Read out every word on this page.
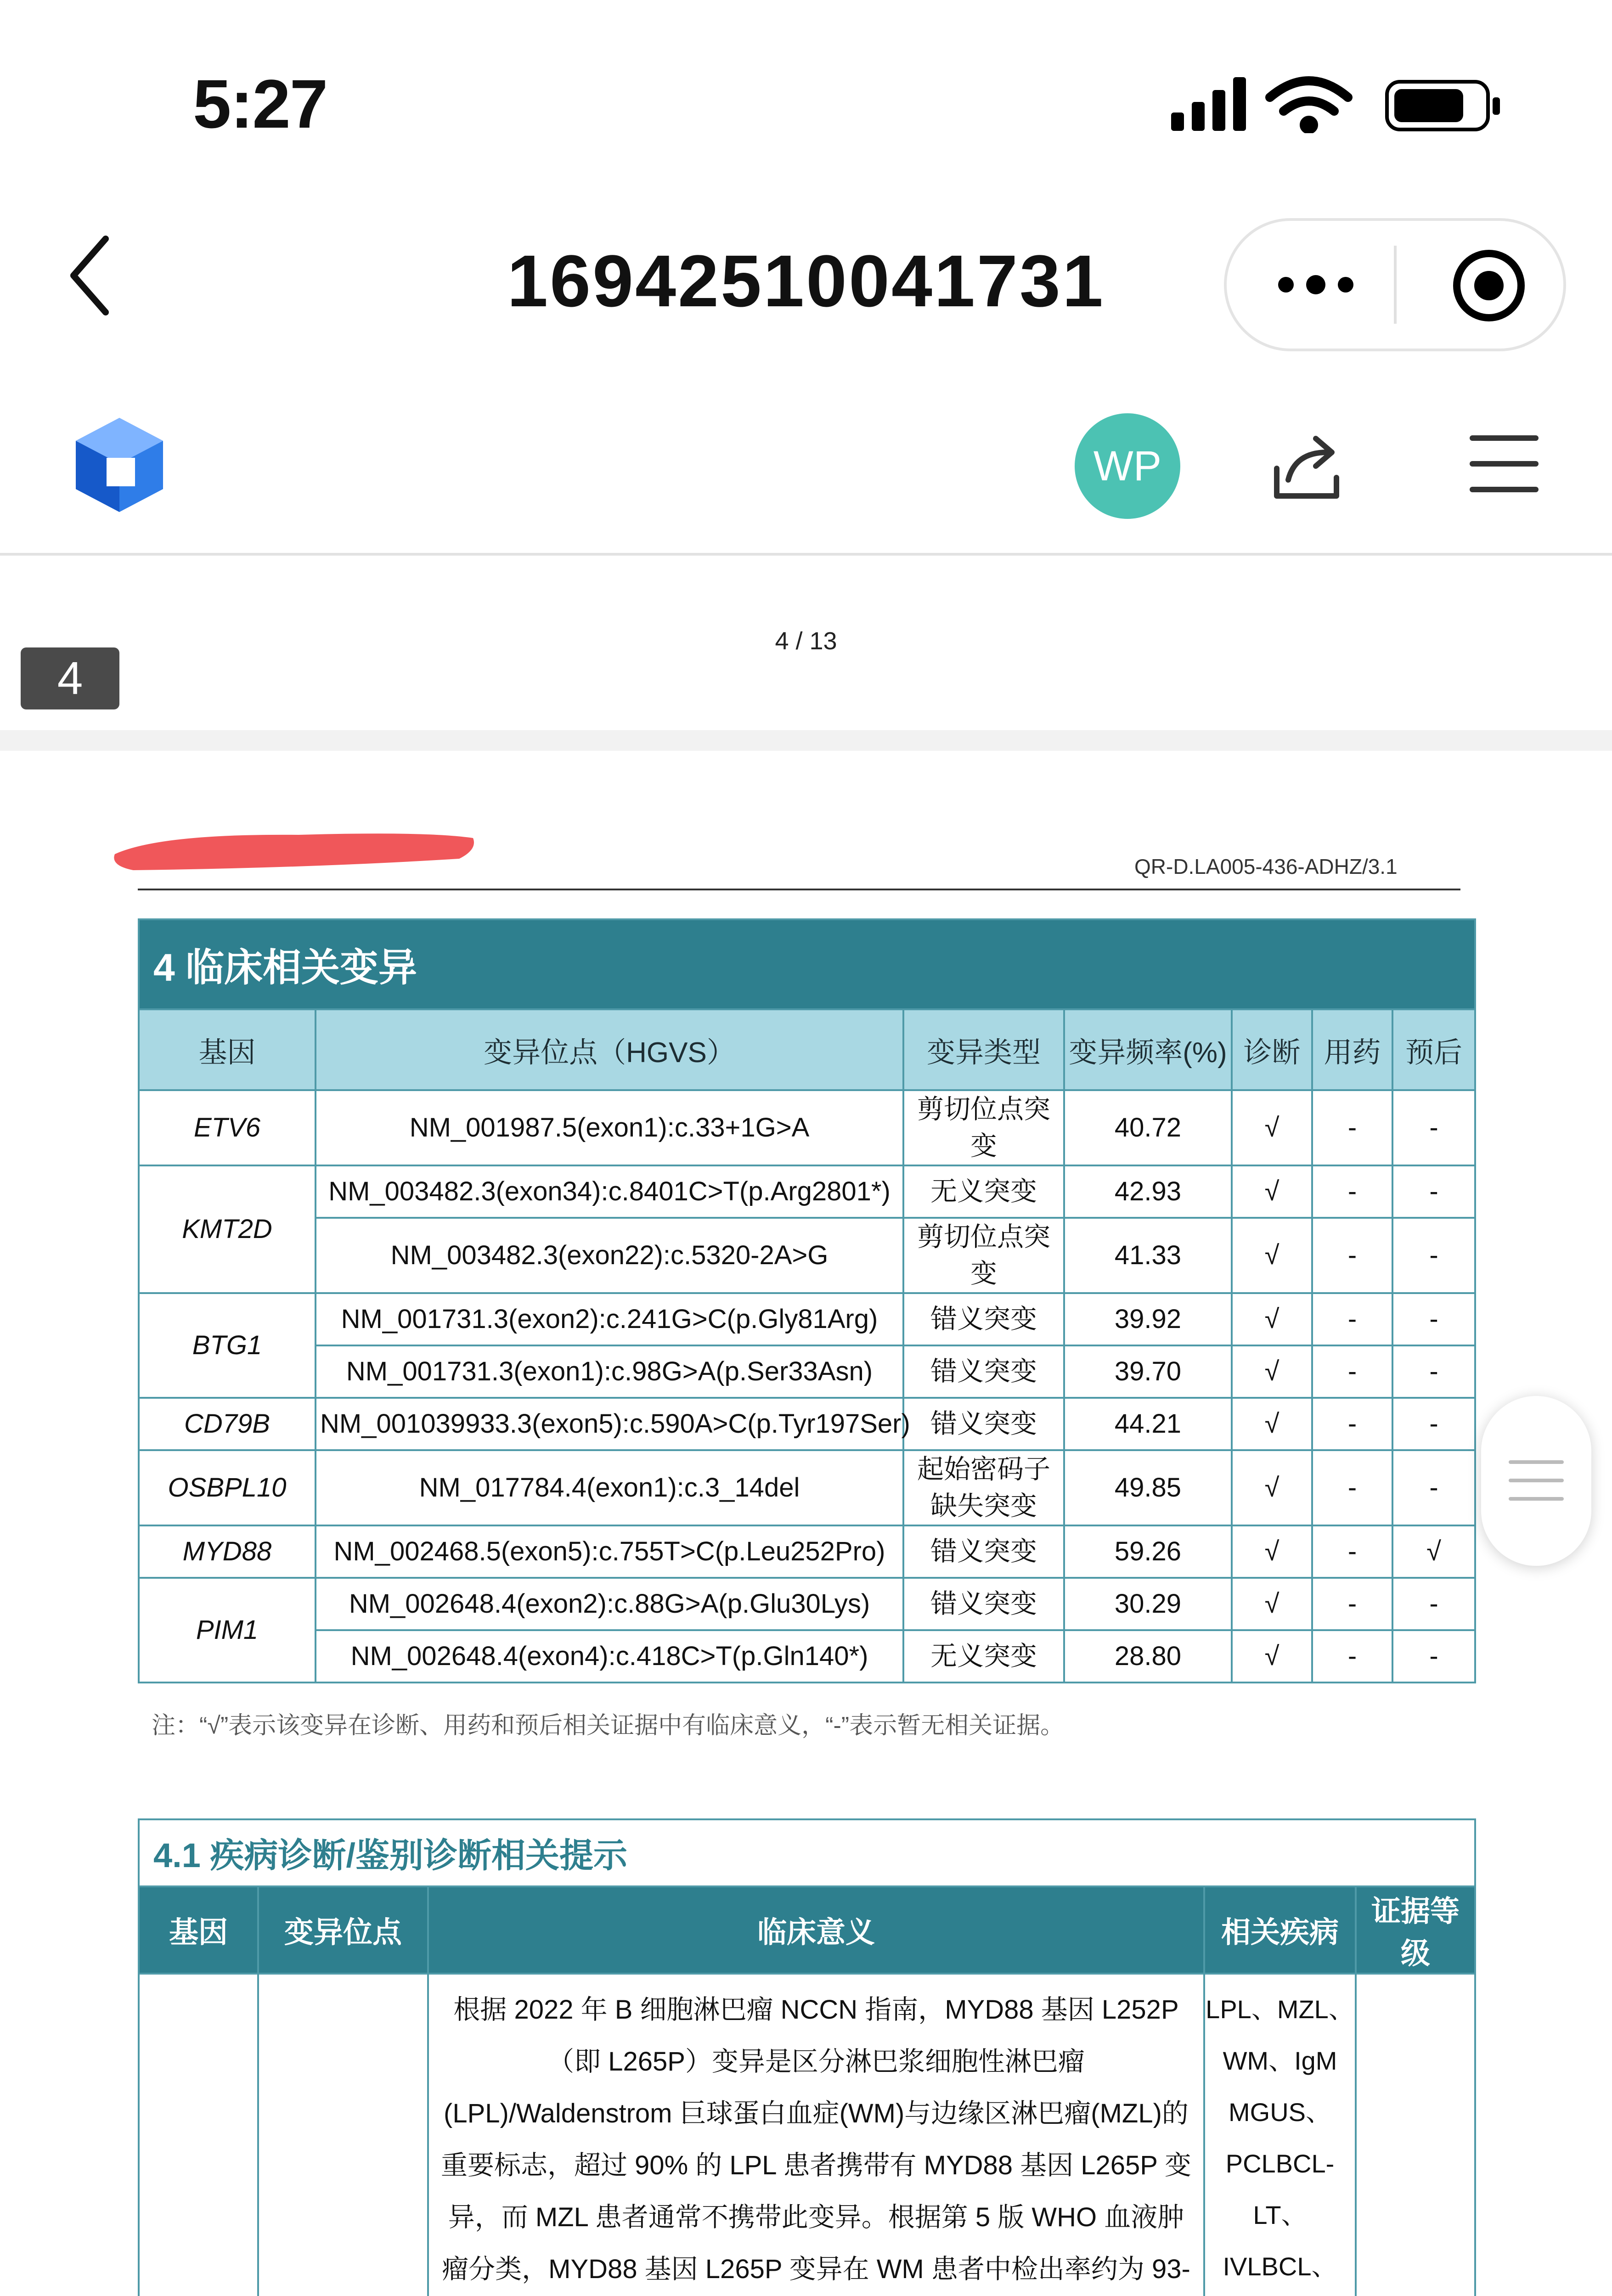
5:27
16942510041731
WP
4
4 / 13
QR-D.LA005-436-ADHZ/3.1
4 临床相关变异						
基因	变异位点（HGVS）	变异类型	变异频率(%)	诊断	用药	预后
ETV6	NM_001987.5(exon1):c.33+1G>A	剪切位点突变	40.72	√	-	-
KMT2D	NM_003482.3(exon34):c.8401C>T(p.Arg2801*)	无义突变	42.93	√	-	-
	NM_003482.3(exon22):c.5320-2A>G	剪切位点突变	41.33	√	-	-
BTG1	NM_001731.3(exon2):c.241G>C(p.Gly81Arg)	错义突变	39.92	√	-	-
	NM_001731.3(exon1):c.98G>A(p.Ser33Asn)	错义突变	39.70	√	-	-
CD79B	NM_001039933.3(exon5):c.590A>C(p.Tyr197Ser)	错义突变	44.21	√	-	-
OSBPL10	NM_017784.4(exon1):c.3_14del	起始密码子缺失突变	49.85	√	-	-
MYD88	NM_002468.5(exon5):c.755T>C(p.Leu252Pro)	错义突变	59.26	√	-	√
PIM1	NM_002648.4(exon2):c.88G>A(p.Glu30Lys)	错义突变	30.29	√	-	-
	NM_002648.4(exon4):c.418C>T(p.Gln140*)	无义突变	28.80	√	-	-
注：“√”表示该变异在诊断、用药和预后相关证据中有临床意义，“-”表示暂无相关证据。
4.1 疾病诊断/鉴别诊断相关提示				
基因	变异位点	临床意义	相关疾病	证据等级
		根据 2022 年 B 细胞淋巴瘤 NCCN 指南，MYD88 基因 L252P（即 L265P）变异是区分淋巴浆细胞性淋巴瘤(LPL)/Waldenstrom 巨球蛋白血症(WM)与边缘区淋巴瘤(MZL)的重要标志，超过 90% 的 LPL 患者携带有 MYD88 基因 L265P 变异，而 MZL 患者通常不携带此变异。根据第 5 版 WHO 血液肿瘤分类，MYD88 基因 L265P 变异在 WM 患者中检出率约为 93-	LPL、MZL、WM、IgM MGUS、PCLBCL-LT、IVLBCL、	
